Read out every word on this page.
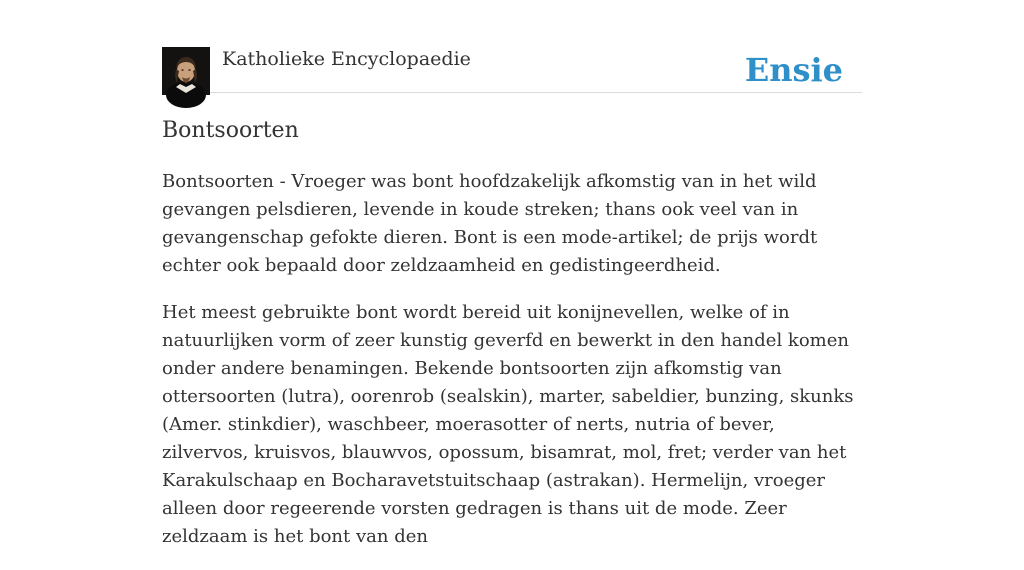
Katholieke Encyclopaedie	Ensie
Bontsoorten

Bontsoorten - Vroeger was bont hoofdzakelijk afkomstig van in het wild gevangen pelsdieren, levende in koude streken; thans ook veel van in gevangenschap gefokte dieren. Bont is een mode-artikel; de prijs wordt echter ook bepaald door zeldzaamheid en gedistingeerdheid.

Het meest gebruikte bont wordt bereid uit konijnevellen, welke of in natuurlijken vorm of zeer kunstig geverfd en bewerkt in den handel komen onder andere benamingen. Bekende bontsoorten zijn afkomstig van ottersoorten (lutra), oorenrob (sealskin), marter, sabeldier, bunzing, skunks (Amer. stinkdier), waschbeer, moerasotter of nerts, nutria of bever, zilvervos, kruisvos, blauwvos, opossum, bisamrat, mol, fret; verder van het Karakulschaap en Bocharavetstuitschaap (astrakan). Hermelijn, vroeger alleen door regeerende vorsten gedragen is thans uit de mode. Zeer zeldzaam is het bont van den
